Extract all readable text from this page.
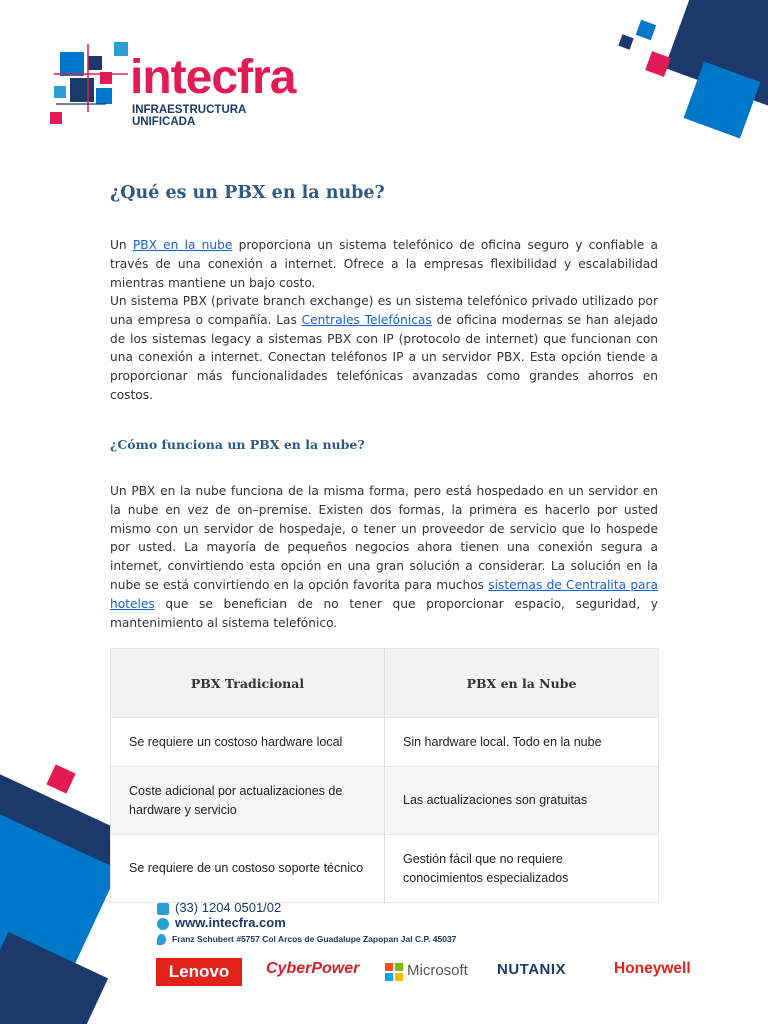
intecfra
INFRAESTRUCTURA UNIFICADA
¿Qué es un PBX en la nube?

Un PBX en la nube proporciona un sistema telefónico de oficina seguro y confiable a través de una conexión a internet. Ofrece a la empresas flexibilidad y escalabilidad mientras mantiene un bajo costo.

Un sistema PBX (private branch exchange) es un sistema telefónico privado utilizado por una empresa o compañía. Las Centrales Telefónicas de oficina modernas se han alejado de los sistemas legacy a sistemas PBX con IP (protocolo de internet) que funcionan con una conexión a internet. Conectan teléfonos IP a un servidor PBX. Esta opción tiende a proporcionar más funcionalidades telefónicas avanzadas como grandes ahorros en costos.

¿Cómo funciona un PBX en la nube?

Un PBX en la nube funciona de la misma forma, pero está hospedado en un servidor en la nube en vez de on–premise. Existen dos formas, la primera es hacerlo por usted mismo con un servidor de hospedaje, o tener un proveedor de servicio que lo hospede por usted. La mayoría de pequeños negocios ahora tienen una conexión segura a internet, convirtiendo esta opción en una gran solución a considerar. La solución en la nube se está convirtiendo en la opción favorita para muchos sistemas de Centralita para hoteles que se benefician de no tener que proporcionar espacio, seguridad, y mantenimiento al sistema telefónico.

PBX Tradicional	PBX en la Nube
Se requiere un costoso hardware local	Sin hardware local. Todo en la nube
Coste adicional por actualizaciones de hardware y servicio	Las actualizaciones son gratuitas
Se requiere de un costoso soporte técnico	Gestión fácil que no requiere conocimientos especializados
(33) 1204 0501/02
www.intecfra.com
Franz Schubert #5757 Col Arcos de Guadalupe Zapopan Jal C.P. 45037
Lenovo	CyberPower	Microsoft NUTANIX	Honeywell
